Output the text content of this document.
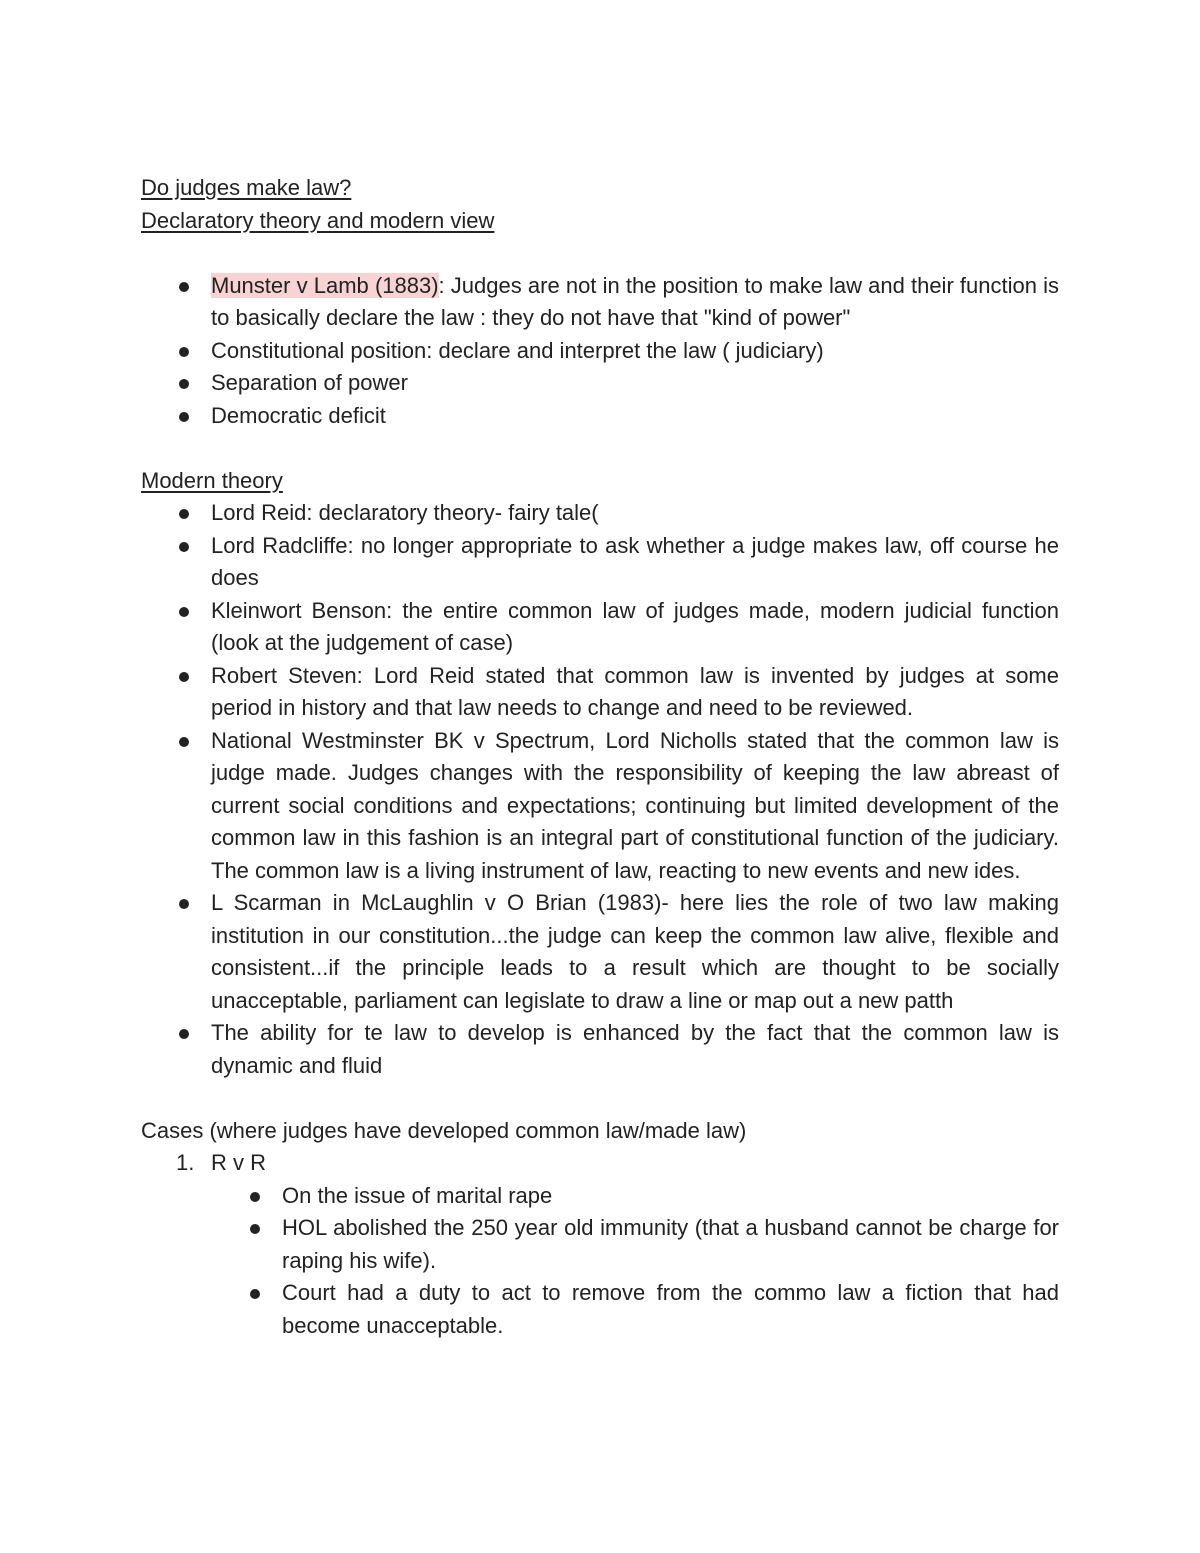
Do judges make law?

Declaratory theory and modern view

Munster v Lamb (1883): Judges are not in the position to make law and their function is to basically declare the law : they do not have that "kind of power"
Constitutional position: declare and interpret the law ( judiciary)
Separation of power
Democratic deficit

Modern theory

Lord Reid: declaratory theory- fairy tale(
Lord Radcliffe: no longer appropriate to ask whether a judge makes law, off course he does
Kleinwort Benson: the entire common law of judges made, modern judicial function (look at the judgement of case)
Robert Steven: Lord Reid stated that common law is invented by judges at some period in history and that law needs to change and need to be reviewed.
National Westminster BK v Spectrum, Lord Nicholls stated that the common law is judge made. Judges changes with the responsibility of keeping the law abreast of current social conditions and expectations; continuing but limited development of the common law in this fashion is an integral part of constitutional function of the judiciary. The common law is a living instrument of law, reacting to new events and new ides.
L Scarman in McLaughlin v O Brian (1983)- here lies the role of two law making institution in our constitution...the judge can keep the common law alive, flexible and consistent...if the principle leads to a result which are thought to be socially unacceptable, parliament can legislate to draw a line or map out a new patth
The ability for te law to develop is enhanced by the fact that the common law is dynamic and fluid

Cases (where judges have developed common law/made law)

1. R v R
On the issue of marital rape
HOL abolished the 250 year old immunity (that a husband cannot be charge for raping his wife).
Court had a duty to act to remove from the commo law a fiction that had become unacceptable.
